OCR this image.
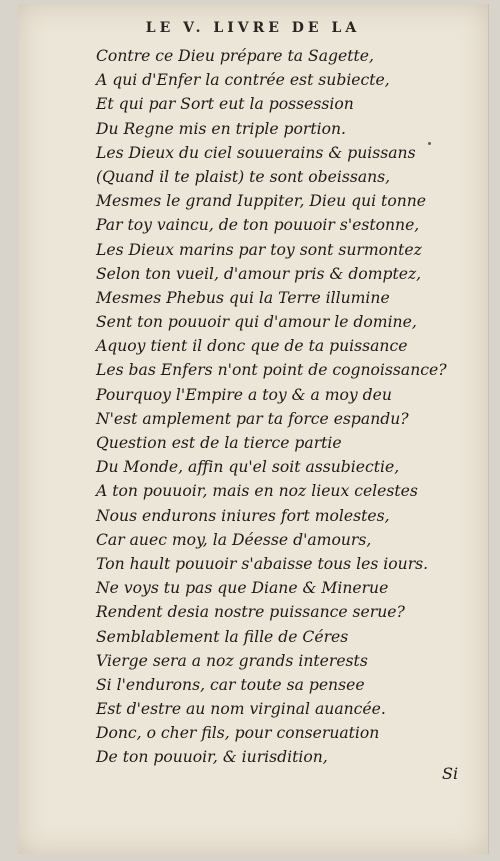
LE V. LIVRE DE LA
Contre ce Dieu prépare ta Sagette,
A qui d'Enfer la contrée est subiecte,
Et qui par Sort eut la possession
Du Regne mis en triple portion.
Les Dieux du ciel souuerains & puissans
(Quand il te plaist) te sont obeissans,
Mesmes le grand Iuppiter, Dieu qui tonne
Par toy vaincu, de ton pouuoir s'estonne,
Les Dieux marins par toy sont surmontez
Selon ton vueil, d'amour pris & domptez,
Mesmes Phebus qui la Terre illumine
Sent ton pouuoir qui d'amour le domine,
Aquoy tient il donc que de ta puissance
Les bas Enfers n'ont point de cognoissance?
Pourquoy l'Empire a toy & a moy deu
N'est amplement par ta force espandu?
Question est de la tierce partie
Du Monde, affin qu'el soit assubiectie,
A ton pouuoir, mais en noz lieux celestes
Nous endurons iniures fort molestes,
Car auec moy, la Déesse d'amours,
Ton hault pouuoir s'abaisse tous les iours.
Ne voys tu pas que Diane & Minerue
Rendent desia nostre puissance serue?
Semblablement la fille de Céres
Vierge sera a noz grands interests
Si l'endurons, car toute sa pensee
Est d'estre au nom virginal auancée.
Donc, o cher fils, pour conseruation
De ton pouuoir, & iurisdition,
Si
